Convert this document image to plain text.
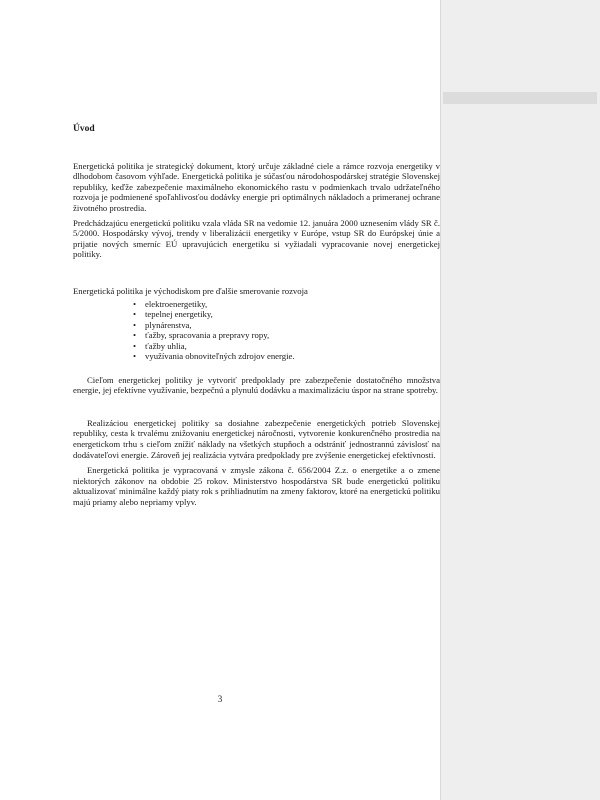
Úvod

Energetická politika je strategický dokument, ktorý určuje základné ciele a rámce rozvoja energetiky v dlhodobom časovom výhľade. Energetická politika je súčasťou národohospodárskej stratégie Slovenskej republiky, keďže zabezpečenie maximálneho ekonomického rastu v podmienkach trvalo udržateľného rozvoja je podmienené spoľahlivosťou dodávky energie pri optimálnych nákladoch a primeranej ochrane životného prostredia.

Predchádzajúcu energetickú politiku vzala vláda SR na vedomie 12. januára 2000 uznesením vlády SR č. 5/2000. Hospodársky vývoj, trendy v liberalizácii energetiky v Európe, vstup SR do Európskej únie a prijatie nových smerníc EÚ upravujúcich energetiku si vyžiadali vypracovanie novej energetickej politiky.

Energetická politika je východiskom pre ďalšie smerovanie rozvoja

• elektroenergetiky,
• tepelnej energetiky,
• plynárenstva,
• ťažby, spracovania a prepravy ropy,
• ťažby uhlia,
• využívania obnoviteľných zdrojov energie.

Cieľom energetickej politiky je vytvoriť predpoklady pre zabezpečenie dostatočného množstva energie, jej efektívne využívanie, bezpečnú a plynulú dodávku a maximalizáciu úspor na strane spotreby.

Realizáciou energetickej politiky sa dosiahne zabezpečenie energetických potrieb Slovenskej republiky, cesta k trvalému znižovaniu energetickej náročnosti, vytvorenie konkurenčného prostredia na energetickom trhu s cieľom znížiť náklady na všetkých stupňoch a odstrániť jednostrannú závislosť na dodávateľovi energie. Zároveň jej realizácia vytvára predpoklady pre zvýšenie energetickej efektívnosti.

Energetická politika je vypracovaná v zmysle zákona č. 656/2004 Z.z. o energetike a o zmene niektorých zákonov na obdobie 25 rokov. Ministerstvo hospodárstva SR bude energetickú politiku aktualizovať minimálne každý piaty rok s prihliadnutím na zmeny faktorov, ktoré na energetickú politiku majú priamy alebo nepriamy vplyv.

3
